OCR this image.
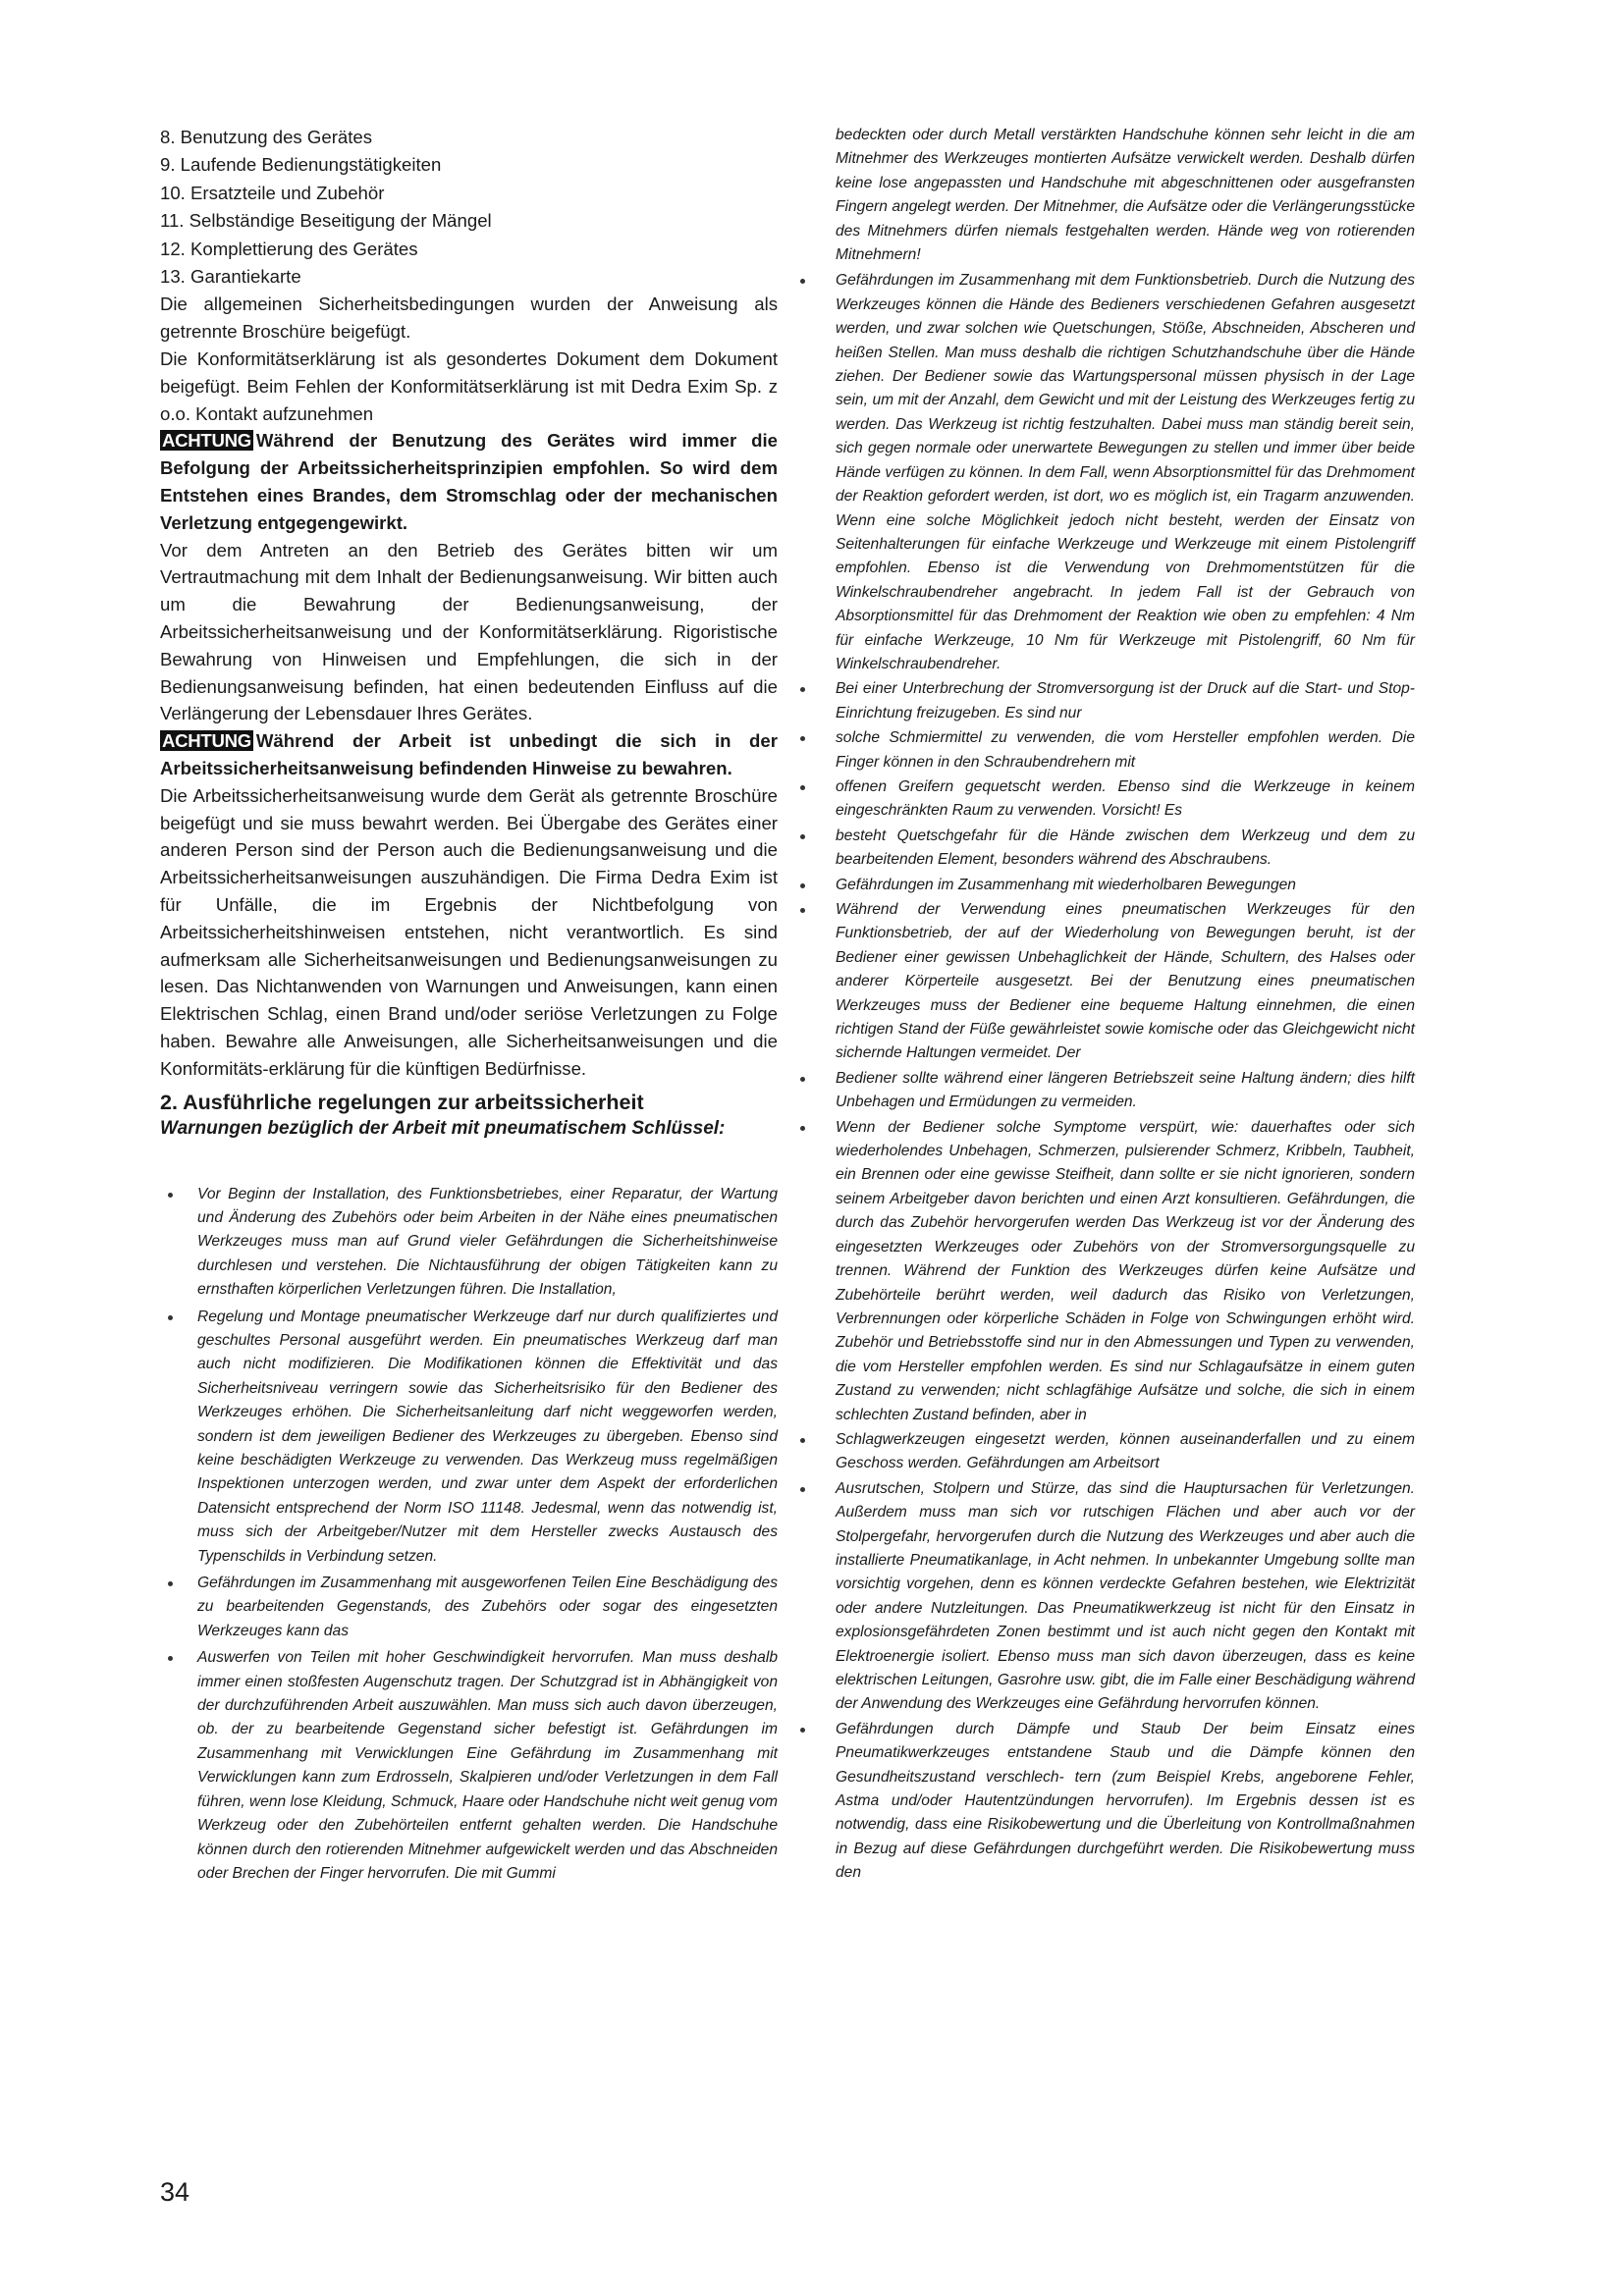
8. Benutzung des Gerätes

9. Laufende Bedienungstätigkeiten

10. Ersatzteile und Zubehör

11. Selbständige Beseitigung der Mängel

12. Komplettierung des Gerätes

13. Garantiekarte

Die allgemeinen Sicherheitsbedingungen wurden der Anweisung als getrennte Broschüre beigefügt.

Die Konformitätserklärung ist als gesondertes Dokument dem Dokument beigefügt. Beim Fehlen der Konformitätserklärung ist mit Dedra Exim Sp. z o.o. Kontakt aufzunehmen

ACHTUNG Während der Benutzung des Gerätes wird immer die Befolgung der Arbeitssicherheitsprinzipien empfohlen. So wird dem Entstehen eines Brandes, dem Stromschlag oder der mechanischen Verletzung entgegengewirkt.

Vor dem Antreten an den Betrieb des Gerätes bitten wir um Vertrautmachung mit dem Inhalt der Bedienungsanweisung. Wir bitten auch um die Bewahrung der Bedienungsanweisung, der Arbeitssicherheitsanweisung und der Konformitätserklärung. Rigoristische Bewahrung von Hinweisen und Empfehlungen, die sich in der Bedienungsanweisung befinden, hat einen bedeutenden Einfluss auf die Verlängerung der Lebensdauer Ihres Gerätes.

ACHTUNG Während der Arbeit ist unbedingt die sich in der Arbeitssicherheitsanweisung befindenden Hinweise zu bewahren.

Die Arbeitssicherheitsanweisung wurde dem Gerät als getrennte Broschüre beigefügt und sie muss bewahrt werden. Bei Übergabe des Gerätes einer anderen Person sind der Person auch die Bedienungsanweisung und die Arbeitssicherheitsanweisungen auszuhändigen. Die Firma Dedra Exim ist für Unfälle, die im Ergebnis der Nichtbefolgung von Arbeitssicherheitshinweisen entstehen, nicht verantwortlich. Es sind aufmerksam alle Sicherheitsanweisungen und Bedienungsanweisungen zu lesen. Das Nichtanwenden von Warnungen und Anweisungen, kann einen Elektrischen Schlag, einen Brand und/oder seriöse Verletzungen zu Folge haben. Bewahre alle Anweisungen, alle Sicherheitsanweisungen und die Konformitäts-erklärung für die künftigen Bedürfnisse.

2. Ausführliche regelungen zur arbeitssicherheit
Warnungen bezüglich der Arbeit mit pneumatischem Schlüssel:
Vor Beginn der Installation, des Funktionsbetriebes, einer Reparatur, der Wartung und Änderung des Zubehörs oder beim Arbeiten in der Nähe eines pneumatischen Werkzeuges muss man auf Grund vieler Gefährdungen die Sicherheitshinweise durchlesen und verstehen. Die Nichtausführung der obigen Tätigkeiten kann zu ernsthaften körperlichen Verletzungen führen. Die Installation,
Regelung und Montage pneumatischer Werkzeuge darf nur durch qualifiziertes und geschultes Personal ausgeführt werden. Ein pneumatisches Werkzeug darf man auch nicht modifizieren. Die Modifikationen können die Effektivität und das Sicherheitsniveau verringern sowie das Sicherheitsrisiko für den Bediener des Werkzeuges erhöhen. Die Sicherheitsanleitung darf nicht weggeworfen werden, sondern ist dem jeweiligen Bediener des Werkzeuges zu übergeben. Ebenso sind keine beschädigten Werkzeuge zu verwenden. Das Werkzeug muss regelmäßigen Inspektionen unterzogen werden, und zwar unter dem Aspekt der erforderlichen Datensicht entsprechend der Norm ISO 11148. Jedesmal, wenn das notwendig ist, muss sich der Arbeitgeber/Nutzer mit dem Hersteller zwecks Austausch des Typenschilds in Verbindung setzen.
Gefährdungen im Zusammenhang mit ausgeworfenen Teilen Eine Beschädigung des zu bearbeitenden Gegenstands, des Zubehörs oder sogar des eingesetzten Werkzeuges kann das
Auswerfen von Teilen mit hoher Geschwindigkeit hervorrufen. Man muss deshalb immer einen stoßfesten Augenschutz tragen. Der Schutzgrad ist in Abhängigkeit von der durchzuführenden Arbeit auszuwählen. Man muss sich auch davon überzeugen, ob. der zu bearbeitende Gegenstand sicher befestigt ist. Gefährdungen im Zusammenhang mit Verwicklungen Eine Gefährdung im Zusammenhang mit Verwicklungen kann zum Erdrosseln, Skalpieren und/oder Verletzungen in dem Fall führen, wenn lose Kleidung, Schmuck, Haare oder Handschuhe nicht weit genug vom Werkzeug oder den Zubehörteilen entfernt gehalten werden. Die Handschuhe können durch den rotierenden Mitnehmer aufgewickelt werden und das Abschneiden oder Brechen der Finger hervorrufen. Die mit Gummi

bedeckten oder durch Metall verstärkten Handschuhe können sehr leicht in die am Mitnehmer des Werkzeuges montierten Aufsätze verwickelt werden. Deshalb dürfen keine lose angepassten und Handschuhe mit abgeschnittenen oder ausgefransten Fingern angelegt werden. Der Mitnehmer, die Aufsätze oder die Verlängerungsstücke des Mitnehmers dürfen niemals festgehalten werden. Hände weg von rotierenden Mitnehmern!

Gefährdungen im Zusammenhang mit dem Funktionsbetrieb. Durch die Nutzung des Werkzeuges können die Hände des Bedieners verschiedenen Gefahren ausgesetzt werden, und zwar solchen wie Quetschungen, Stöße, Abschneiden, Abscheren und heißen Stellen. Man muss deshalb die richtigen Schutzhandschuhe über die Hände ziehen. Der Bediener sowie das Wartungspersonal müssen physisch in der Lage sein, um mit der Anzahl, dem Gewicht und mit der Leistung des Werkzeuges fertig zu werden. Das Werkzeug ist richtig festzuhalten. Dabei muss man ständig bereit sein, sich gegen normale oder unerwartete Bewegungen zu stellen und immer über beide Hände verfügen zu können. In dem Fall, wenn Absorptionsmittel für das Drehmoment der Reaktion gefordert werden, ist dort, wo es möglich ist, ein Tragarm anzuwenden. Wenn eine solche Möglichkeit jedoch nicht besteht, werden der Einsatz von Seitenhalterungen für einfache Werkzeuge und Werkzeuge mit einem Pistolengriff empfohlen. Ebenso ist die Verwendung von Drehmomentstützen für die Winkelschraubendreher angebracht. In jedem Fall ist der Gebrauch von Absorptionsmittel für das Drehmoment der Reaktion wie oben zu empfehlen: 4 Nm für einfache Werkzeuge, 10 Nm für Werkzeuge mit Pistolengriff, 60 Nm für Winkelschraubendreher.
Bei einer Unterbrechung der Stromversorgung ist der Druck auf die Start- und Stop-Einrichtung freizugeben. Es sind nur
solche Schmiermittel zu verwenden, die vom Hersteller empfohlen werden. Die Finger können in den Schraubendrehern mit
offenen Greifern gequetscht werden. Ebenso sind die Werkzeuge in keinem eingeschränkten Raum zu verwenden. Vorsicht! Es
besteht Quetschgefahr für die Hände zwischen dem Werkzeug und dem zu bearbeitenden Element, besonders während des Abschraubens.
Gefährdungen im Zusammenhang mit wiederholbaren Bewegungen
Während der Verwendung eines pneumatischen Werkzeuges für den Funktionsbetrieb, der auf der Wiederholung von Bewegungen beruht, ist der Bediener einer gewissen Unbehaglichkeit der Hände, Schultern, des Halses oder anderer Körperteile ausgesetzt. Bei der Benutzung eines pneumatischen Werkzeuges muss der Bediener eine bequeme Haltung einnehmen, die einen richtigen Stand der Füße gewährleistet sowie komische oder das Gleichgewicht nicht sichernde Haltungen vermeidet. Der
Bediener sollte während einer längeren Betriebszeit seine Haltung ändern; dies hilft Unbehagen und Ermüdungen zu vermeiden.
Wenn der Bediener solche Symptome verspürt, wie: dauerhaftes oder sich wiederholendes Unbehagen, Schmerzen, pulsierender Schmerz, Kribbeln, Taubheit, ein Brennen oder eine gewisse Steifheit, dann sollte er sie nicht ignorieren, sondern seinem Arbeitgeber davon berichten und einen Arzt konsultieren. Gefährdungen, die durch das Zubehör hervorgerufen werden Das Werkzeug ist vor der Änderung des eingesetzten Werkzeuges oder Zubehörs von der Stromversorgungsquelle zu trennen. Während der Funktion des Werkzeuges dürfen keine Aufsätze und Zubehörteile berührt werden, weil dadurch das Risiko von Verletzungen, Verbrennungen oder körperliche Schäden in Folge von Schwingungen erhöht wird. Zubehör und Betriebsstoffe sind nur in den Abmessungen und Typen zu verwenden, die vom Hersteller empfohlen werden. Es sind nur Schlagaufsätze in einem guten Zustand zu verwenden; nicht schlagfähige Aufsätze und solche, die sich in einem schlechten Zustand befinden, aber in
Schlagwerkzeugen eingesetzt werden, können auseinanderfallen und zu einem Geschoss werden. Gefährdungen am Arbeitsort
Ausrutschen, Stolpern und Stürze, das sind die Hauptursachen für Verletzungen. Außerdem muss man sich vor rutschigen Flächen und aber auch vor der Stolpergefahr, hervorgerufen durch die Nutzung des Werkzeuges und aber auch die installierte Pneumatikanlage, in Acht nehmen. In unbekannter Umgebung sollte man vorsichtig vorgehen, denn es können verdeckte Gefahren bestehen, wie Elektrizität oder andere Nutzleitungen. Das Pneumatikwerkzeug ist nicht für den Einsatz in explosionsgefährdeten Zonen bestimmt und ist auch nicht gegen den Kontakt mit Elektroenergie isoliert. Ebenso muss man sich davon überzeugen, dass es keine elektrischen Leitungen, Gasrohre usw. gibt, die im Falle einer Beschädigung während der Anwendung des Werkzeuges eine Gefährdung hervorrufen können.
Gefährdungen durch Dämpfe und Staub Der beim Einsatz eines Pneumatikwerkzeuges entstandene Staub und die Dämpfe können den Gesundheitszustand verschlech- tern (zum Beispiel Krebs, angeborene Fehler, Astma und/oder Hautentzündungen hervorrufen). Im Ergebnis dessen ist es notwendig, dass eine Risikobewertung und die Überleitung von Kontrollmaßnahmen in Bezug auf diese Gefährdungen durchgeführt werden. Die Risikobewertung muss den
34
